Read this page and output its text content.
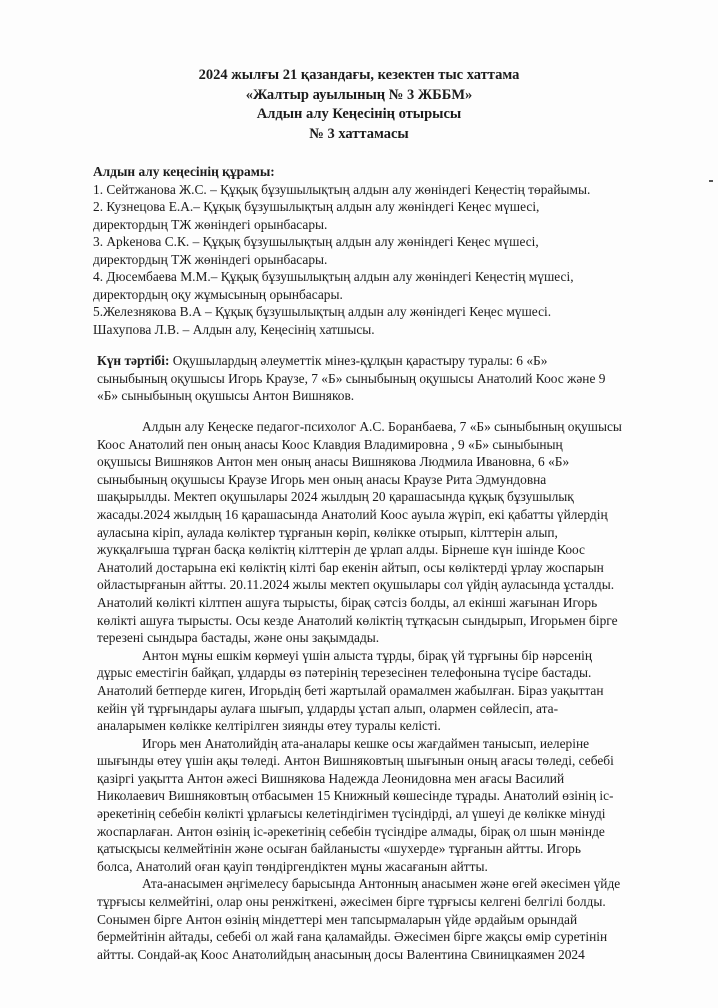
2024 жылғы 21 қазандағы, кезектен тыс хаттама
«Жалтыр ауылының № 3 ЖББМ»
Алдын алу Кеңесінің отырысы
№ 3 хаттамасы
Алдын алу кеңесінің құрамы:
1. Сейтжанова Ж.С. – Құқық бұзушылықтың алдын алу жөніндегі Кеңестің төрайымы.
2. Кузнецова Е.А.– Құқық бұзушылықтың алдын алу жөніндегі Кеңес мүшесі,
директордың ТЖ жөніндегі орынбасары.
3. Арkенова С.К. – Құқық бұзушылықтың алдын алу жөніндегі Кеңес мүшесі,
директордың ТЖ жөніндегі орынбасары.
4. Дюсембаева М.М.– Құқық бұзушылықтың алдын алу жөніндегі Кеңестің мүшесі,
директордың оқу жұмысының орынбасары.
5.Железнякова В.А – Құқық бұзушылықтың алдын алу жөніндегі Кеңес мүшесі.
Шахупова Л.В. – Алдын алу, Кеңесінің хатшысы.
Күн тәртібі: Оқушылардың әлеуметтік мінез-құлқын қарастыру туралы: 6 «Б»
сыныбының оқушысы Игорь Краузе, 7 «Б» сыныбының оқушысы Анатолий Коос және 9
«Б» сыныбының оқушысы Антон Вишняков.
Алдын алу Кеңеске педагог-психолог А.С. Боранбаева, 7 «Б» сыныбының оқушысы
Коос Анатолий пен оның анасы Коос Клавдия Владимировна , 9 «Б» сыныбының
оқушысы Вишняков Антон мен оның анасы Вишнякова Людмила Ивановна, 6 «Б»
сыныбының оқушысы Краузе Игорь мен оның анасы Краузе Рита Эдмундовна
шақырылды. Мектеп оқушылары 2024 жылдың 20 қарашасында құқық бұзушылық
жасады.2024 жылдың 16 қарашасында Анатолий Коос ауыла жүріп, екі қабатты үйлердің
ауласына кіріп, аулада көліктер тұрғанын көріп, көлікке отырып, кілттерін алып,
жукқалғыша тұрған басқа көліктің кілттерін де ұрлап алды. Бірнеше күн ішінде Коос
Анатолий достарына екі көліктің кілті бар екенін айтып, осы көліктерді ұрлау жоспарын
ойластырғанын айтты. 20.11.2024 жылы мектеп оқушылары сол үйдің ауласында ұсталды.
Анатолий көлікті кілтпен ашуға тырысты, бірақ сәтсіз болды, ал екінші жағынан Игорь
көлікті ашуға тырысты. Осы кезде Анатолий көліктің тұтқасын сындырып, Игорьмен бірге
терезені сындыра бастады, және оны зақымдады.
Антон мұны ешкім көрмеуі үшін алыста тұрды, бірақ үй тұрғыны бір нәрсенің
дұрыс еместігін байқап, ұлдарды өз пәтерінің терезесінен телефонына түсіре бастады.
Анатолий бетперде киген, Игорьдің беті жартылай орамалмен жабылған. Біраз уақыттан
кейін үй тұрғындары аулаға шығып, ұлдарды ұстап алып, олармен сөйлесіп, ата-
аналарымен көлікке келтірілген зиянды өтеу туралы келісті.
Игорь мен Анатолийдің ата-аналары кешке осы жағдаймен танысып, иелеріне
шығынды өтеу үшін ақы төледі. Антон Вишняковтың шығынын оның ағасы төледі, себебі
қазіргі уақытта Антон әжесі Вишнякова Надежда Леонидовна мен ағасы Василий
Николаевич Вишняковтың отбасымен 15 Книжный көшесінде тұрады. Анатолий өзінің іс-
әрекетінің себебін көлікті ұрлағысы келетіндігімен түсіндірді, ал үшеуі де көлікке мінуді
жоспарлаған. Антон өзінің іс-әрекетінің себебін түсіндіре алмады, бірақ ол шын мәнінде
қатысқысы келмейтінін және осыған байланысты «шухерде» тұрғанын айтты. Игорь
болса, Анатолий оған қауіп төндіргендіктен мұны жасағанын айтты.
Ата-анасымен әңгімелесу барысында Антонның анасымен және өгей әкесімен үйде
тұрғысы келмейтіні, олар оны ренжіткені, әжесімен бірге тұрғысы келгені белгілі болды.
Сонымен бірге Антон өзінің міндеттері мен тапсырмаларын үйде әрдайым орындай
бермейтінін айтады, себебі ол жай ғана қаламайды. Әжесімен бірге жақсы өмір суретінін
айтты. Сондай-ақ Коос Анатолийдың анасының досы Валентина Свиницкаямен 2024
